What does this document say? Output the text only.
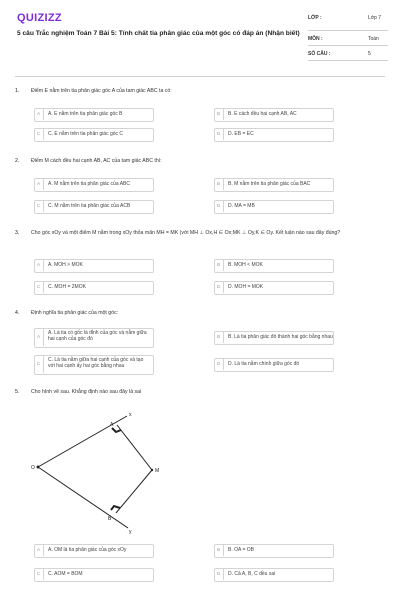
QUIZIZZ
5 câu Trắc nghiệm Toán 7 Bài 5: Tính chất tia phân giác của một góc có đáp án (Nhận biết)
LỚP :	Lớp 7
MÔN :	Toán
SỐ CÂU :	5
1. Điểm E nằm trên tia phân giác góc A của tam giác ABC ta có:
A	A. E nằm trên tia phân giác góc B	B	B. E cách đều hai cạnh AB, AC
C	C. E nằm trên tia phân giác góc C	D	D. EB = EC
2. Điểm M cách đều hai cạnh AB, AC của tam giác ABC thì:
A	A. M nằm trên tia phân giác của ABC	B	B. M nằm trên tia phân giác của BAC
C	C. M nằm trên tia phân giác của ACB	D	D. MA = MB
3. Cho góc xOy và một điểm M nằm trong xOy thỏa mãn MH = MK (với MH ⊥ Ox,H ∈ Ox;MK ⊥ Oy,K ∈ Oy. Kết luận nào sau đây đúng?
A	A. MOH > MOK	B	B. MOH < MOK
C	C. MOH = 2MOK	D	D. MOH = MOK
4. Định nghĩa tia phân giác của một góc:
A
A. Là tia có gốc là đỉnh của góc và nằm giữa hai cạnh của góc đó	B	B. Là tia phân giác đó thành hai góc bằng nhau
C
C. Là tia nằm giữa hai cạnh của góc và tạo với hai cạnh ấy hai góc bằng nhau	D	D. Là tia nằm chính giữa góc đó
5. Cho hình vẽ sau. Khẳng định nào sau đây là sai
x
A
O	M
B
y
A	A. OM là tia phân giác của góc xOy	B	B. OA = OB
C	C. AOM = BOM	D	D. Cả A, B, C đều sai
